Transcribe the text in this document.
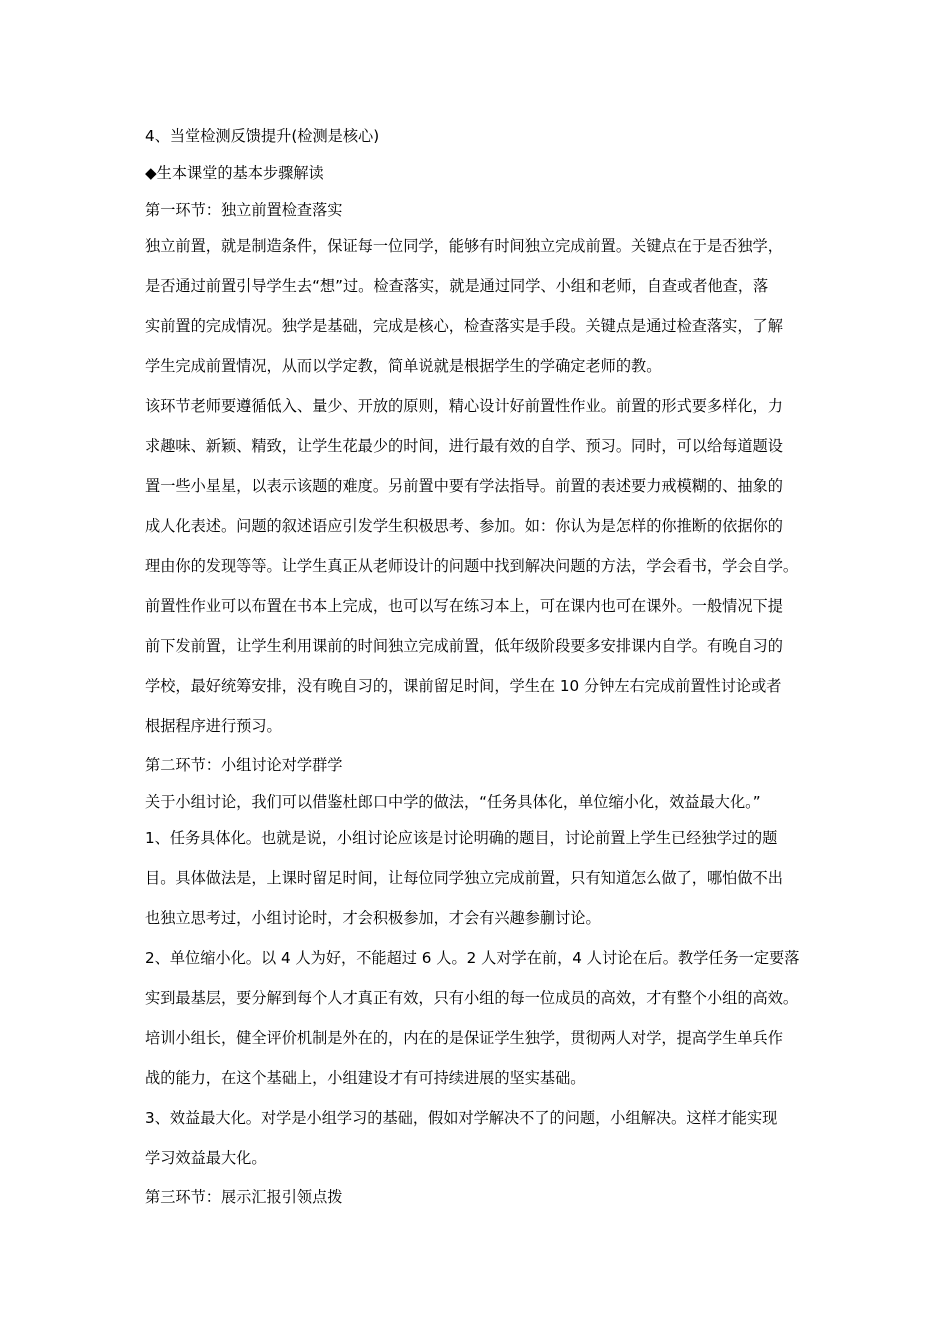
4、当堂检测反馈提升(检测是核心)
◆生本课堂的基本步骤解读
第一环节：独立前置检查落实
独立前置，就是制造条件，保证每一位同学，能够有时间独立完成前置。关键点在于是否独学，
是否通过前置引导学生去“想”过。检查落实，就是通过同学、小组和老师，自查或者他查，落
实前置的完成情况。独学是基础，完成是核心，检查落实是手段。关键点是通过检查落实，了解
学生完成前置情况，从而以学定教，简单说就是根据学生的学确定老师的教。
该环节老师要遵循低入、量少、开放的原则，精心设计好前置性作业。前置的形式要多样化，力
求趣味、新颖、精致，让学生花最少的时间，进行最有效的自学、预习。同时，可以给每道题设
置一些小星星，以表示该题的难度。另前置中要有学法指导。前置的表述要力戒模糊的、抽象的
成人化表述。问题的叙述语应引发学生积极思考、参加。如：你认为是怎样的你推断的依据你的
理由你的发现等等。让学生真正从老师设计的问题中找到解决问题的方法，学会看书，学会自学。
前置性作业可以布置在书本上完成，也可以写在练习本上，可在课内也可在课外。一般情况下提
前下发前置，让学生利用课前的时间独立完成前置，低年级阶段要多安排课内自学。有晚自习的
学校，最好统筹安排，没有晚自习的，课前留足时间，学生在 10 分钟左右完成前置性讨论或者
根据程序进行预习。
第二环节：小组讨论对学群学
关于小组讨论，我们可以借鉴杜郎口中学的做法，“任务具体化，单位缩小化，效益最大化。”
1、任务具体化。也就是说，小组讨论应该是讨论明确的题目，讨论前置上学生已经独学过的题
目。具体做法是，上课时留足时间，让每位同学独立完成前置，只有知道怎么做了，哪怕做不出
也独立思考过，小组讨论时，才会积极参加，才会有兴趣参蒯讨论。
2、单位缩小化。以 4 人为好，不能超过 6 人。2 人对学在前，4 人讨论在后。教学任务一定要落
实到最基层，要分解到每个人才真正有效，只有小组的每一位成员的高效，才有整个小组的高效。
培训小组长，健全评价机制是外在的，内在的是保证学生独学，贯彻两人对学，提高学生单兵作
战的能力，在这个基础上，小组建设才有可持续进展的坚实基础。
3、效益最大化。对学是小组学习的基础，假如对学解决不了的问题，小组解决。这样才能实现
学习效益最大化。
第三环节：展示汇报引领点拨
